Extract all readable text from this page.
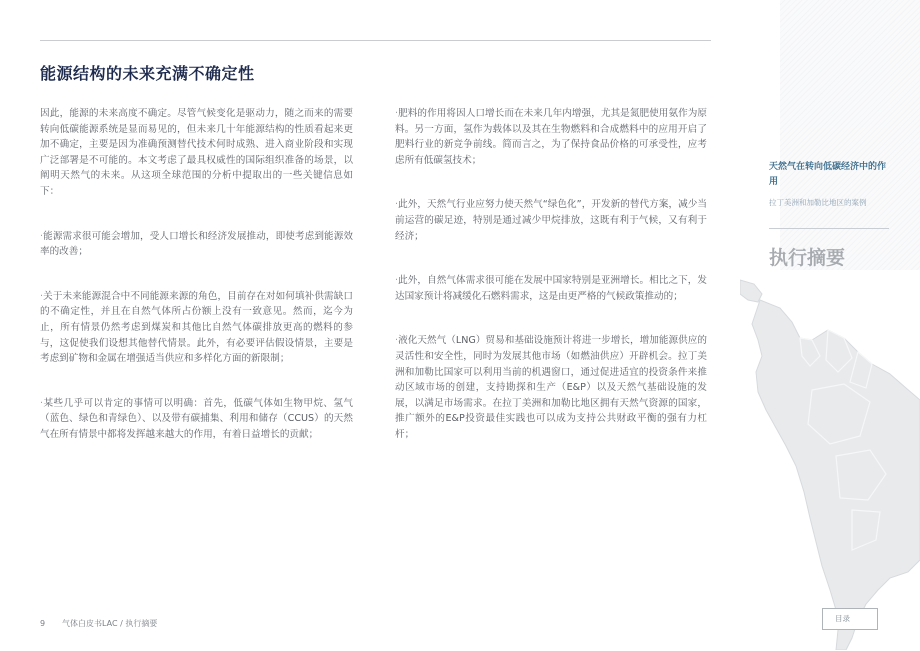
能源结构的未来充满不确定性

因此，能源的未来高度不确定。尽管气候变化是驱动力，随之而来的需要转向低碳能源系统是显而易见的，但未来几十年能源结构的性质看起来更加不确定，主要是因为准确预测替代技术何时成熟、进入商业阶段和实现广泛部署是不可能的。本文考虑了最具权威性的国际组织准备的场景，以阐明天然气的未来。从这项全球范围的分析中提取出的一些关键信息如下：

·能源需求很可能会增加，受人口增长和经济发展推动，即使考虑到能源效率的改善；

·关于未来能源混合中不同能源来源的角色，目前存在对如何填补供需缺口的不确定性，并且在自然气体所占份额上没有一致意见。然而，迄今为止，所有情景仍然考虑到煤炭和其他比自然气体碳排放更高的燃料的参与，这促使我们设想其他替代情景。此外，有必要评估假设情景，主要是考虑到矿物和金属在增强适当供应和多样化方面的新限制；

·某些几乎可以肯定的事情可以明确：首先，低碳气体如生物甲烷、氢气（蓝色、绿色和青绿色）、以及带有碳捕集、利用和储存（CCUS）的天然气在所有情景中都将发挥越来越大的作用，有着日益增长的贡献；

·肥料的作用将因人口增长而在未来几年内增强，尤其是氮肥使用氨作为原料。另一方面，氢作为载体以及其在生物燃料和合成燃料中的应用开启了肥料行业的新竞争前线。简而言之，为了保持食品价格的可承受性，应考虑所有低碳氢技术；

·此外，天然气行业应努力使天然气“绿色化”，开发新的替代方案，减少当前运营的碳足迹，特别是通过减少甲烷排放，这既有利于气候，又有利于经济；

·此外，自然气体需求很可能在发展中国家特别是亚洲增长。相比之下，发达国家预计将减缓化石燃料需求，这是由更严格的气候政策推动的；

·液化天然气（LNG）贸易和基础设施预计将进一步增长，增加能源供应的灵活性和安全性，同时为发展其他市场（如燃油供应）开辟机会。拉丁美洲和加勒比国家可以利用当前的机遇窗口，通过促进适宜的投资条件来推动区域市场的创建，支持勘探和生产（E&P）以及天然气基础设施的发展，以满足市场需求。在拉丁美洲和加勒比地区拥有天然气资源的国家，推广额外的E&P投资最佳实践也可以成为支持公共财政平衡的强有力杠杆；

天然气在转向低碳经济中的作用
拉丁美洲和加勒比地区的案例
执行摘要
9 气体白皮书LAC / 执行摘要
目录
